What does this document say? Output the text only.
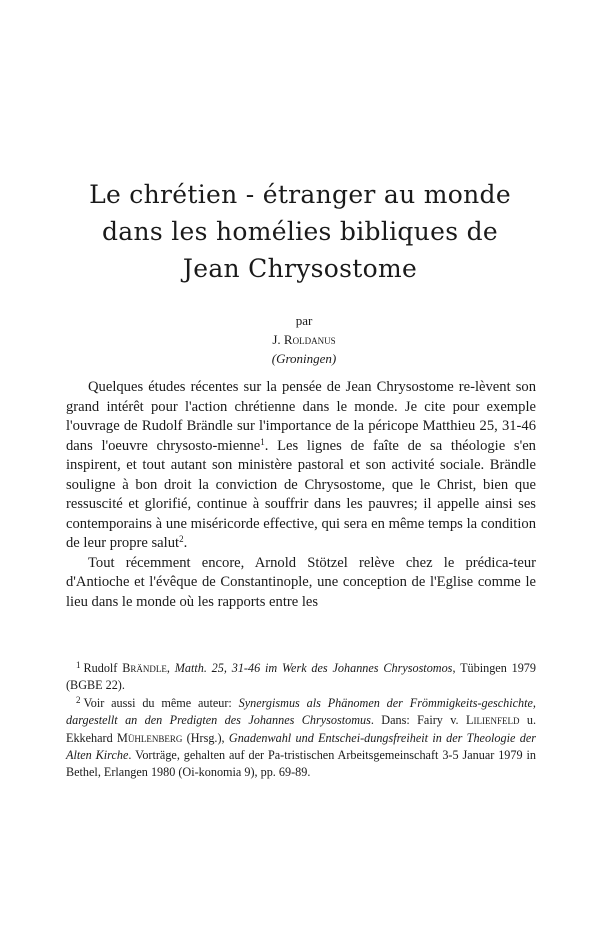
Le chrétien - étranger au monde
dans les homélies bibliques de
Jean Chrysostome
par
J. Roldanus
(Groningen)

Quelques études récentes sur la pensée de Jean Chrysostome re-lèvent son grand intérêt pour l'action chrétienne dans le monde. Je cite pour exemple l'ouvrage de Rudolf Brändle sur l'importance de la péricope Matthieu 25, 31-46 dans l'oeuvre chrysosto-mienne$^1$. Les lignes de faîte de sa théologie s'en inspirent, et tout autant son ministère pastoral et son activité sociale. Brändle souligne à bon droit la conviction de Chrysostome, que le Christ, bien que ressuscité et glorifié, continue à souffrir dans les pauvres; il appelle ainsi ses contemporains à une miséricorde effective, qui sera en même temps la condition de leur propre salut$^2$.

Tout récemment encore, Arnold Stötzel relève chez le prédica-teur d'Antioche et l'évêque de Constantinople, une conception de l'Eglise comme le lieu dans le monde où les rapports entre les

$^1$ Rudolf Brändle, Matth. 25, 31-46 im Werk des Johannes Chrysostomos, Tübingen 1979 (BGBE 22).

$^2$ Voir aussi du même auteur: Synergismus als Phänomen der Frömmigkeits-geschichte, dargestellt an den Predigten des Johannes Chrysostomus. Dans: Fairy v. Lilienfeld u. Ekkehard Mühlenberg (Hrsg.), Gnadenwahl und Entschei-dungsfreiheit in der Theologie der Alten Kirche. Vorträge, gehalten auf der Pa-tristischen Arbeitsgemeinschaft 3-5 Januar 1979 in Bethel, Erlangen 1980 (Oi-konomia 9), pp. 69-89.
